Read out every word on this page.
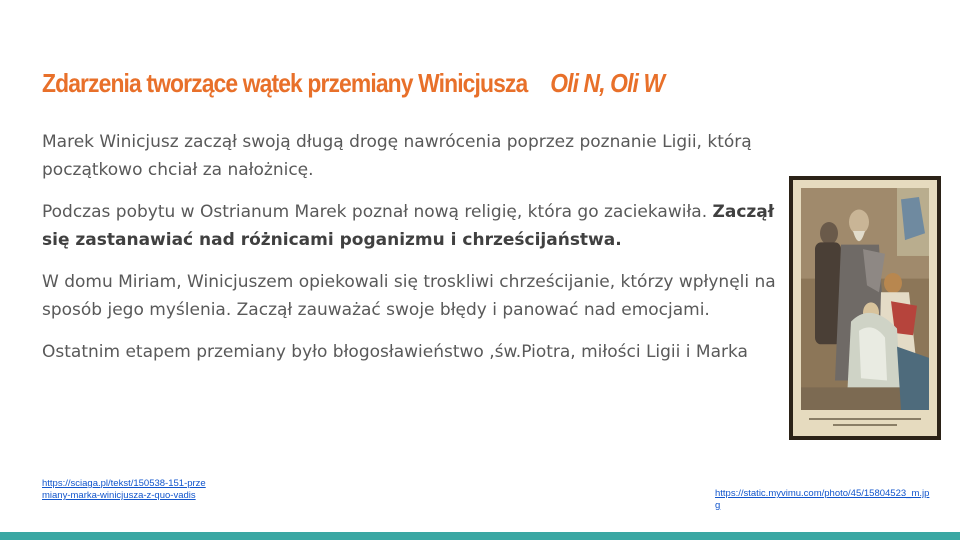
Zdarzenia tworzące wątek przemiany Winicjusza Oli N, Oli W

Marek Winicjusz zaczął swoją długą drogę nawrócenia poprzez poznanie Ligii, którą początkowo chciał za nałożnicę.

Podczas pobytu w Ostrianum Marek poznał nową religię, która go zaciekawiła. Zaczął się zastanawiać nad różnicami poganizmu i chrześcijaństwa.

W domu Miriam, Winicjuszem opiekowali się troskliwi chrześcijanie, którzy wpłynęli na sposób jego myślenia. Zaczął zauważać swoje błędy i panować nad emocjami.

Ostatnim etapem przemiany było błogosławieństwo ,św.Piotra, miłości Ligii i Marka

https://sciaga.pl/tekst/150538-151-przemiany-marka-winicjusza-z-quo-vadis	https://static.myvimu.com/photo/45/15804523_m.jpg
